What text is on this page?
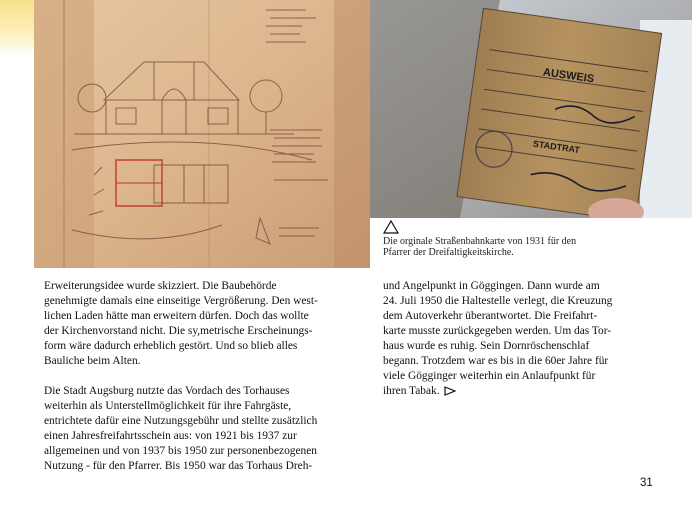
AUSWEIS
STADTRAT

Die orginale Straßenbahnkarte von 1931 für den

Pfarrer der Dreifaltigkeitskirche.

Erweiterungsidee wurde skizziert. Die Baubehörde

genehmigte damals eine einseitige Vergrößerung. Den west-

lichen Laden hätte man erweitern dürfen. Doch das wollte

der Kirchenvorstand nicht. Die sy,metrische Erscheinungs-

form wäre dadurch erheblich gestört. Und so blieb alles

Bauliche beim Alten.

Die Stadt Augsburg nutzte das Vordach des Torhauses

weiterhin als Unterstellmöglichkeit für ihre Fahrgäste,

entrichtete dafür eine Nutzungsgebühr und stellte zusätzlich

einen Jahresfreifahrtsschein aus: von 1921 bis 1937 zur

allgemeinen und von 1937 bis 1950 zur personenbezogenen

Nutzung - für den Pfarrer. Bis 1950 war das Torhaus Dreh-

und Angelpunkt in Göggingen. Dann wurde am

24. Juli 1950 die Haltestelle verlegt, die Kreuzung

dem Autoverkehr überantwortet. Die Freifahrt-

karte musste zurückgegeben werden. Um das Tor-

haus wurde es ruhig. Sein Dornröschenschlaf

begann. Trotzdem war es bis in die 60er Jahre für

viele Gögginger weiterhin ein Anlaufpunkt für

ihren Tabak.

31
